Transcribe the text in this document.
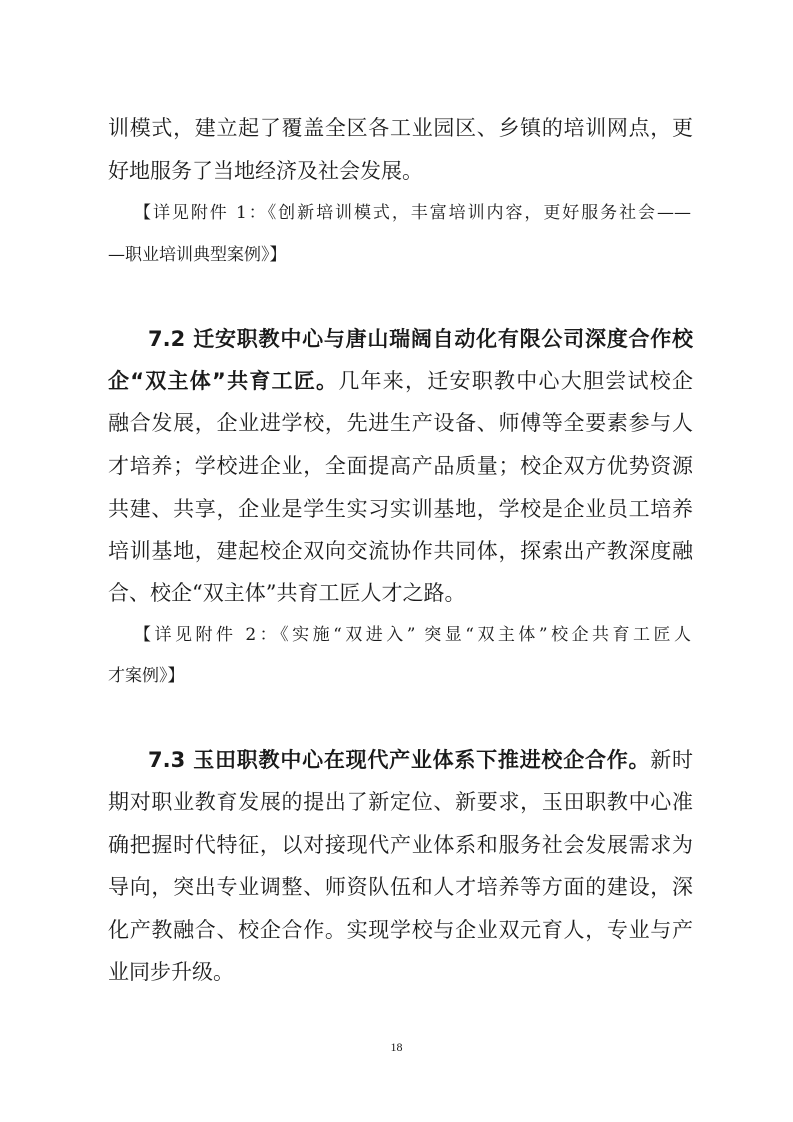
训模式，建立起了覆盖全区各工业园区、乡镇的培训网点，更
好地服务了当地经济及社会发展。
【详见附件 1：《创新培训模式，丰富培训内容，更好服务社会——
—职业培训典型案例》】
7.2 迁安职教中心与唐山瑞阔自动化有限公司深度合作校
企“双主体”共育工匠。几年来，迁安职教中心大胆尝试校企
融合发展，企业进学校，先进生产设备、师傅等全要素参与人
才培养；学校进企业，全面提高产品质量；校企双方优势资源
共建、共享，企业是学生实习实训基地，学校是企业员工培养
培训基地，建起校企双向交流协作共同体，探索出产教深度融
合、校企“双主体”共育工匠人才之路。
【详见附件 2：《实施“双进入” 突显“双主体”校企共育工匠人
才案例》】
7.3 玉田职教中心在现代产业体系下推进校企合作。新时
期对职业教育发展的提出了新定位、新要求，玉田职教中心准
确把握时代特征，以对接现代产业体系和服务社会发展需求为
导向，突出专业调整、师资队伍和人才培养等方面的建设，深
化产教融合、校企合作。实现学校与企业双元育人，专业与产
业同步升级。
18
